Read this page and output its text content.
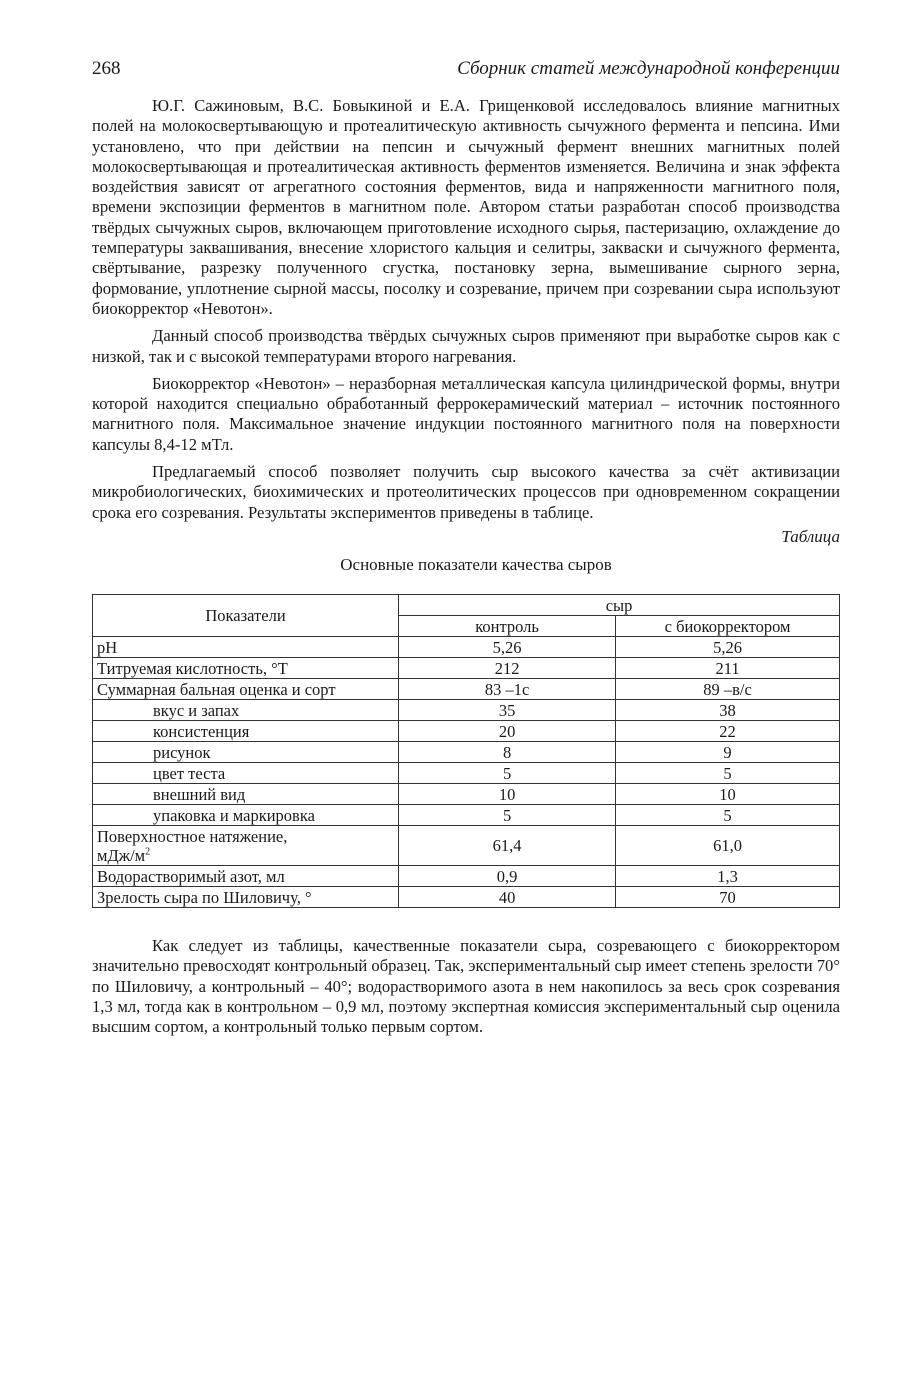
268	Сборник статей международной конференции

Ю.Г. Сажиновым, В.С. Бовыкиной и Е.А. Грищенковой исследовалось влияние магнитных полей на молокосвертывающую и протеалитическую активность сычужного фермента и пепсина. Ими установлено, что при действии на пепсин и сычужный фермент внешних магнитных полей молокосвертывающая и протеалитическая активность ферментов изменяется. Величина и знак эффекта воздействия зависят от агрегатного состояния ферментов, вида и напряженности магнитного поля, времени экспозиции ферментов в магнитном поле. Автором статьи разработан способ производства твёрдых сычужных сыров, включающем приготовление исходного сырья, пастеризацию, охлаждение до температуры заквашивания, внесение хлористого кальция и селитры, закваски и сычужного фермента, свёртывание, разрезку полученного сгустка, постановку зерна, вымешивание сырного зерна, формование, уплотнение сырной массы, посолку и созревание, причем при созревании сыра используют биокорректор «Невотон».

Данный способ производства твёрдых сычужных сыров применяют при выработке сыров как с низкой, так и с высокой температурами второго нагревания.

Биокорректор «Невотон» – неразборная металлическая капсула цилиндрической формы, внутри которой находится специально обработанный феррокерамический материал – источник постоянного магнитного поля. Максимальное значение индукции постоянного магнитного поля на поверхности капсулы 8,4-12 мТл.

Предлагаемый способ позволяет получить сыр высокого качества за счёт активизации микробиологических, биохимических и протеолитических процессов при одновременном сокращении срока его созревания. Результаты экспериментов приведены в таблице.

Таблица
Основные показатели качества сыров
Показатели	сыр	
	контроль	с биокорректором
pH	5,26	5,26
Титруемая кислотность, °Т	212	211
Суммарная бальная оценка и сорт	83 –1с	89 –в/с
вкус и запах	35	38
консистенция	20	22
рисунок	8	9
цвет теста	5	5
внешний вид	10	10
упаковка и маркировка	5	5
Поверхностное натяжение,
мДж/$м^2$	61,4	61,0
Водорастворимый азот, мл	0,9	1,3
Зрелость сыра по Шиловичу, °	40	70

Как следует из таблицы, качественные показатели сыра, созревающего с биокорректором значительно превосходят контрольный образец. Так, экспериментальный сыр имеет степень зрелости 70° по Шиловичу, а контрольный – 40°; водорастворимого азота в нем накопилось за весь срок созревания 1,3 мл, тогда как в контрольном – 0,9 мл, поэтому экспертная комиссия экспериментальный сыр оценила высшим сортом, а контрольный только первым сортом.
